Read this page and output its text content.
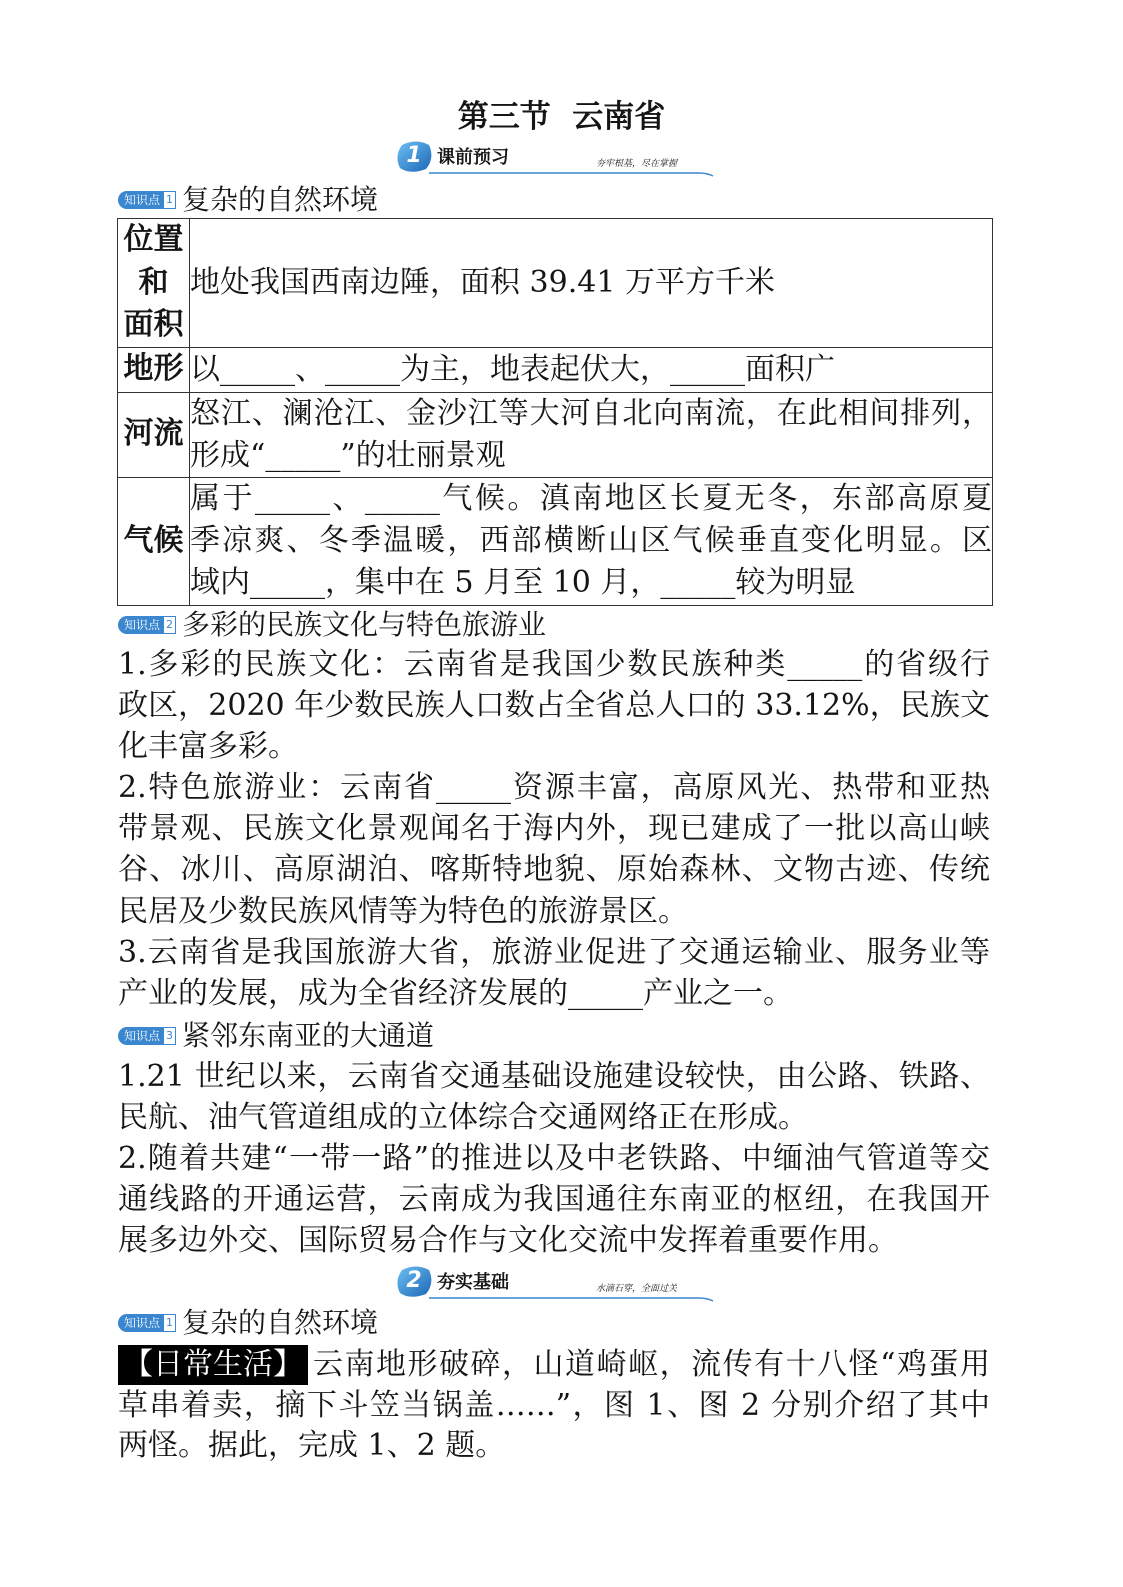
第三节  云南省
1 课前预习	夯牢根基，尽在掌握
知识点 1 复杂的自然环境
位置
和
面积	地处我国西南边陲，面积 39.41 万平方千米

地形	以_____、_____为主，地表起伏大，_____面积广

河流	怒江、澜沧江、金沙江等大河自北向南流，在此相间排列，
形成“_____”的壮丽景观

气候	属于_____、_____气候。滇南地区长夏无冬，东部高原夏
季凉爽、冬季温暖，西部横断山区气候垂直变化明显。区
域内_____，集中在 5 月至 10 月，_____较为明显
知识点 2 多彩的民族文化与特色旅游业
1.多彩的民族文化：云南省是我国少数民族种类_____的省级行
政区，2020 年少数民族人口数占全省总人口的 33.12%，民族文
化丰富多彩。
2.特色旅游业：云南省_____资源丰富，高原风光、热带和亚热
带景观、民族文化景观闻名于海内外，现已建成了一批以高山峡
谷、冰川、高原湖泊、喀斯特地貌、原始森林、文物古迹、传统
民居及少数民族风情等为特色的旅游景区。
3.云南省是我国旅游大省，旅游业促进了交通运输业、服务业等
产业的发展，成为全省经济发展的_____产业之一。
知识点 3 紧邻东南亚的大通道
1.21 世纪以来，云南省交通基础设施建设较快，由公路、铁路、
民航、油气管道组成的立体综合交通网络正在形成。
2.随着共建“一带一路”的推进以及中老铁路、中缅油气管道等交
通线路的开通运营，云南成为我国通往东南亚的枢纽，在我国开
展多边外交、国际贸易合作与文化交流中发挥着重要作用。
2 夯实基础	水滴石穿，全面过关
知识点 1 复杂的自然环境
【日常生活】 云南地形破碎，山道崎岖，流传有十八怪“鸡蛋用
草串着卖，摘下斗笠当锅盖……”，图 1、图 2 分别介绍了其中
两怪。据此，完成 1、2 题。
